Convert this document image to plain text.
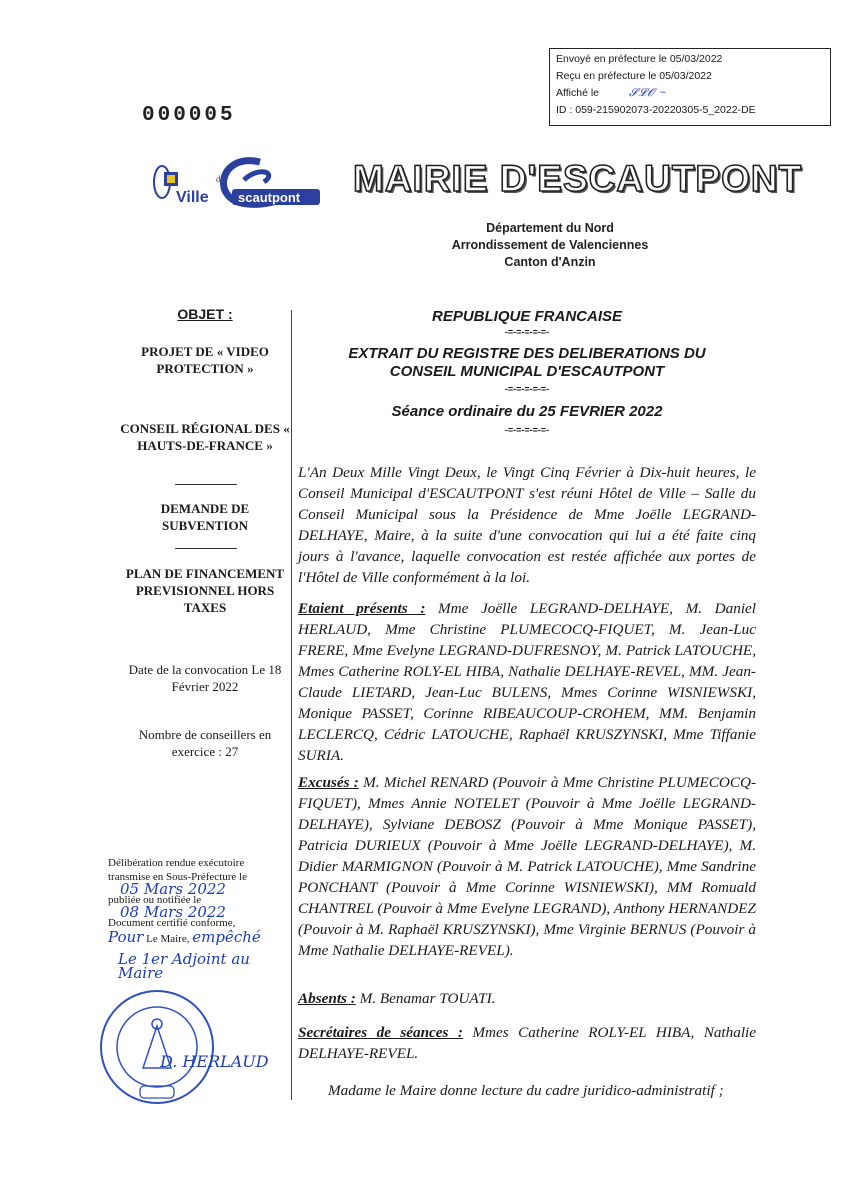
Envoyé en préfecture le 05/03/2022
Reçu en préfecture le 05/03/2022
Affiché le	𝓢𝓛𝓞 ~
ID : 059-215902073-20220305-5_2022-DE
000005
scautpont
Ville
d'	MAIRIE D'ESCAUTPONT
Département du Nord
Arrondissement de Valenciennes
Canton d'Anzin
OBJET :
PROJET DE « VIDEO PROTECTION »
CONSEIL RÉGIONAL DES « HAUTS-DE-FRANCE »
DEMANDE DE SUBVENTION
PLAN DE FINANCEMENT PREVISIONNEL HORS TAXES
Date de la convocation Le 18 Février 2022
Nombre de conseillers en exercice : 27
Délibération rendue exécutoire transmise en Sous-Préfecture le
05 Mars 2022
publiée ou notifiée le
08 Mars 2022
Document certifié conforme,
Pour Le Maire, empêché
Le 1er Adjoint au Maire
D. HERLAUD
REPUBLIQUE FRANCAISE
-=-=-=-=-=-
EXTRAIT DU REGISTRE DES DELIBERATIONS DU CONSEIL MUNICIPAL D'ESCAUTPONT
-=-=-=-=-=-
Séance ordinaire du 25 FEVRIER 2022
-=-=-=-=-=-
L'An Deux Mille Vingt Deux, le Vingt Cinq Février à Dix-huit heures, le Conseil Municipal d'ESCAUTPONT s'est réuni Hôtel de Ville – Salle du Conseil Municipal sous la Présidence de Mme Joëlle LEGRAND-DELHAYE, Maire, à la suite d'une convocation qui lui a été faite cinq jours à l'avance, laquelle convocation est restée affichée aux portes de l'Hôtel de Ville conformément à la loi.
Etaient présents : Mme Joëlle LEGRAND-DELHAYE, M. Daniel HERLAUD, Mme Christine PLUMECOCQ-FIQUET, M. Jean-Luc FRERE, Mme Evelyne LEGRAND-DUFRESNOY, M. Patrick LATOUCHE, Mmes Catherine ROLY-EL HIBA, Nathalie DELHAYE-REVEL, MM. Jean-Claude LIETARD, Jean-Luc BULENS, Mmes Corinne WISNIEWSKI, Monique PASSET, Corinne RIBEAUCOUP-CROHEM, MM. Benjamin LECLERCQ, Cédric LATOUCHE, Raphaël KRUSZYNSKI, Mme Tiffanie SURIA.
Excusés : M. Michel RENARD (Pouvoir à Mme Christine PLUMECOCQ-FIQUET), Mmes Annie NOTELET (Pouvoir à Mme Joëlle LEGRAND-DELHAYE), Sylviane DEBOSZ (Pouvoir à Mme Monique PASSET), Patricia DURIEUX (Pouvoir à Mme Joëlle LEGRAND-DELHAYE), M. Didier MARMIGNON (Pouvoir à M. Patrick LATOUCHE), Mme Sandrine PONCHANT (Pouvoir à Mme Corinne WISNIEWSKI), MM Romuald CHANTREL (Pouvoir à Mme Evelyne LEGRAND), Anthony HERNANDEZ (Pouvoir à M. Raphaël KRUSZYNSKI), Mme Virginie BERNUS (Pouvoir à Mme Nathalie DELHAYE-REVEL).
Absents : M. Benamar TOUATI.
Secrétaires de séances : Mmes Catherine ROLY-EL HIBA, Nathalie DELHAYE-REVEL.
Madame le Maire donne lecture du cadre juridico-administratif ;
